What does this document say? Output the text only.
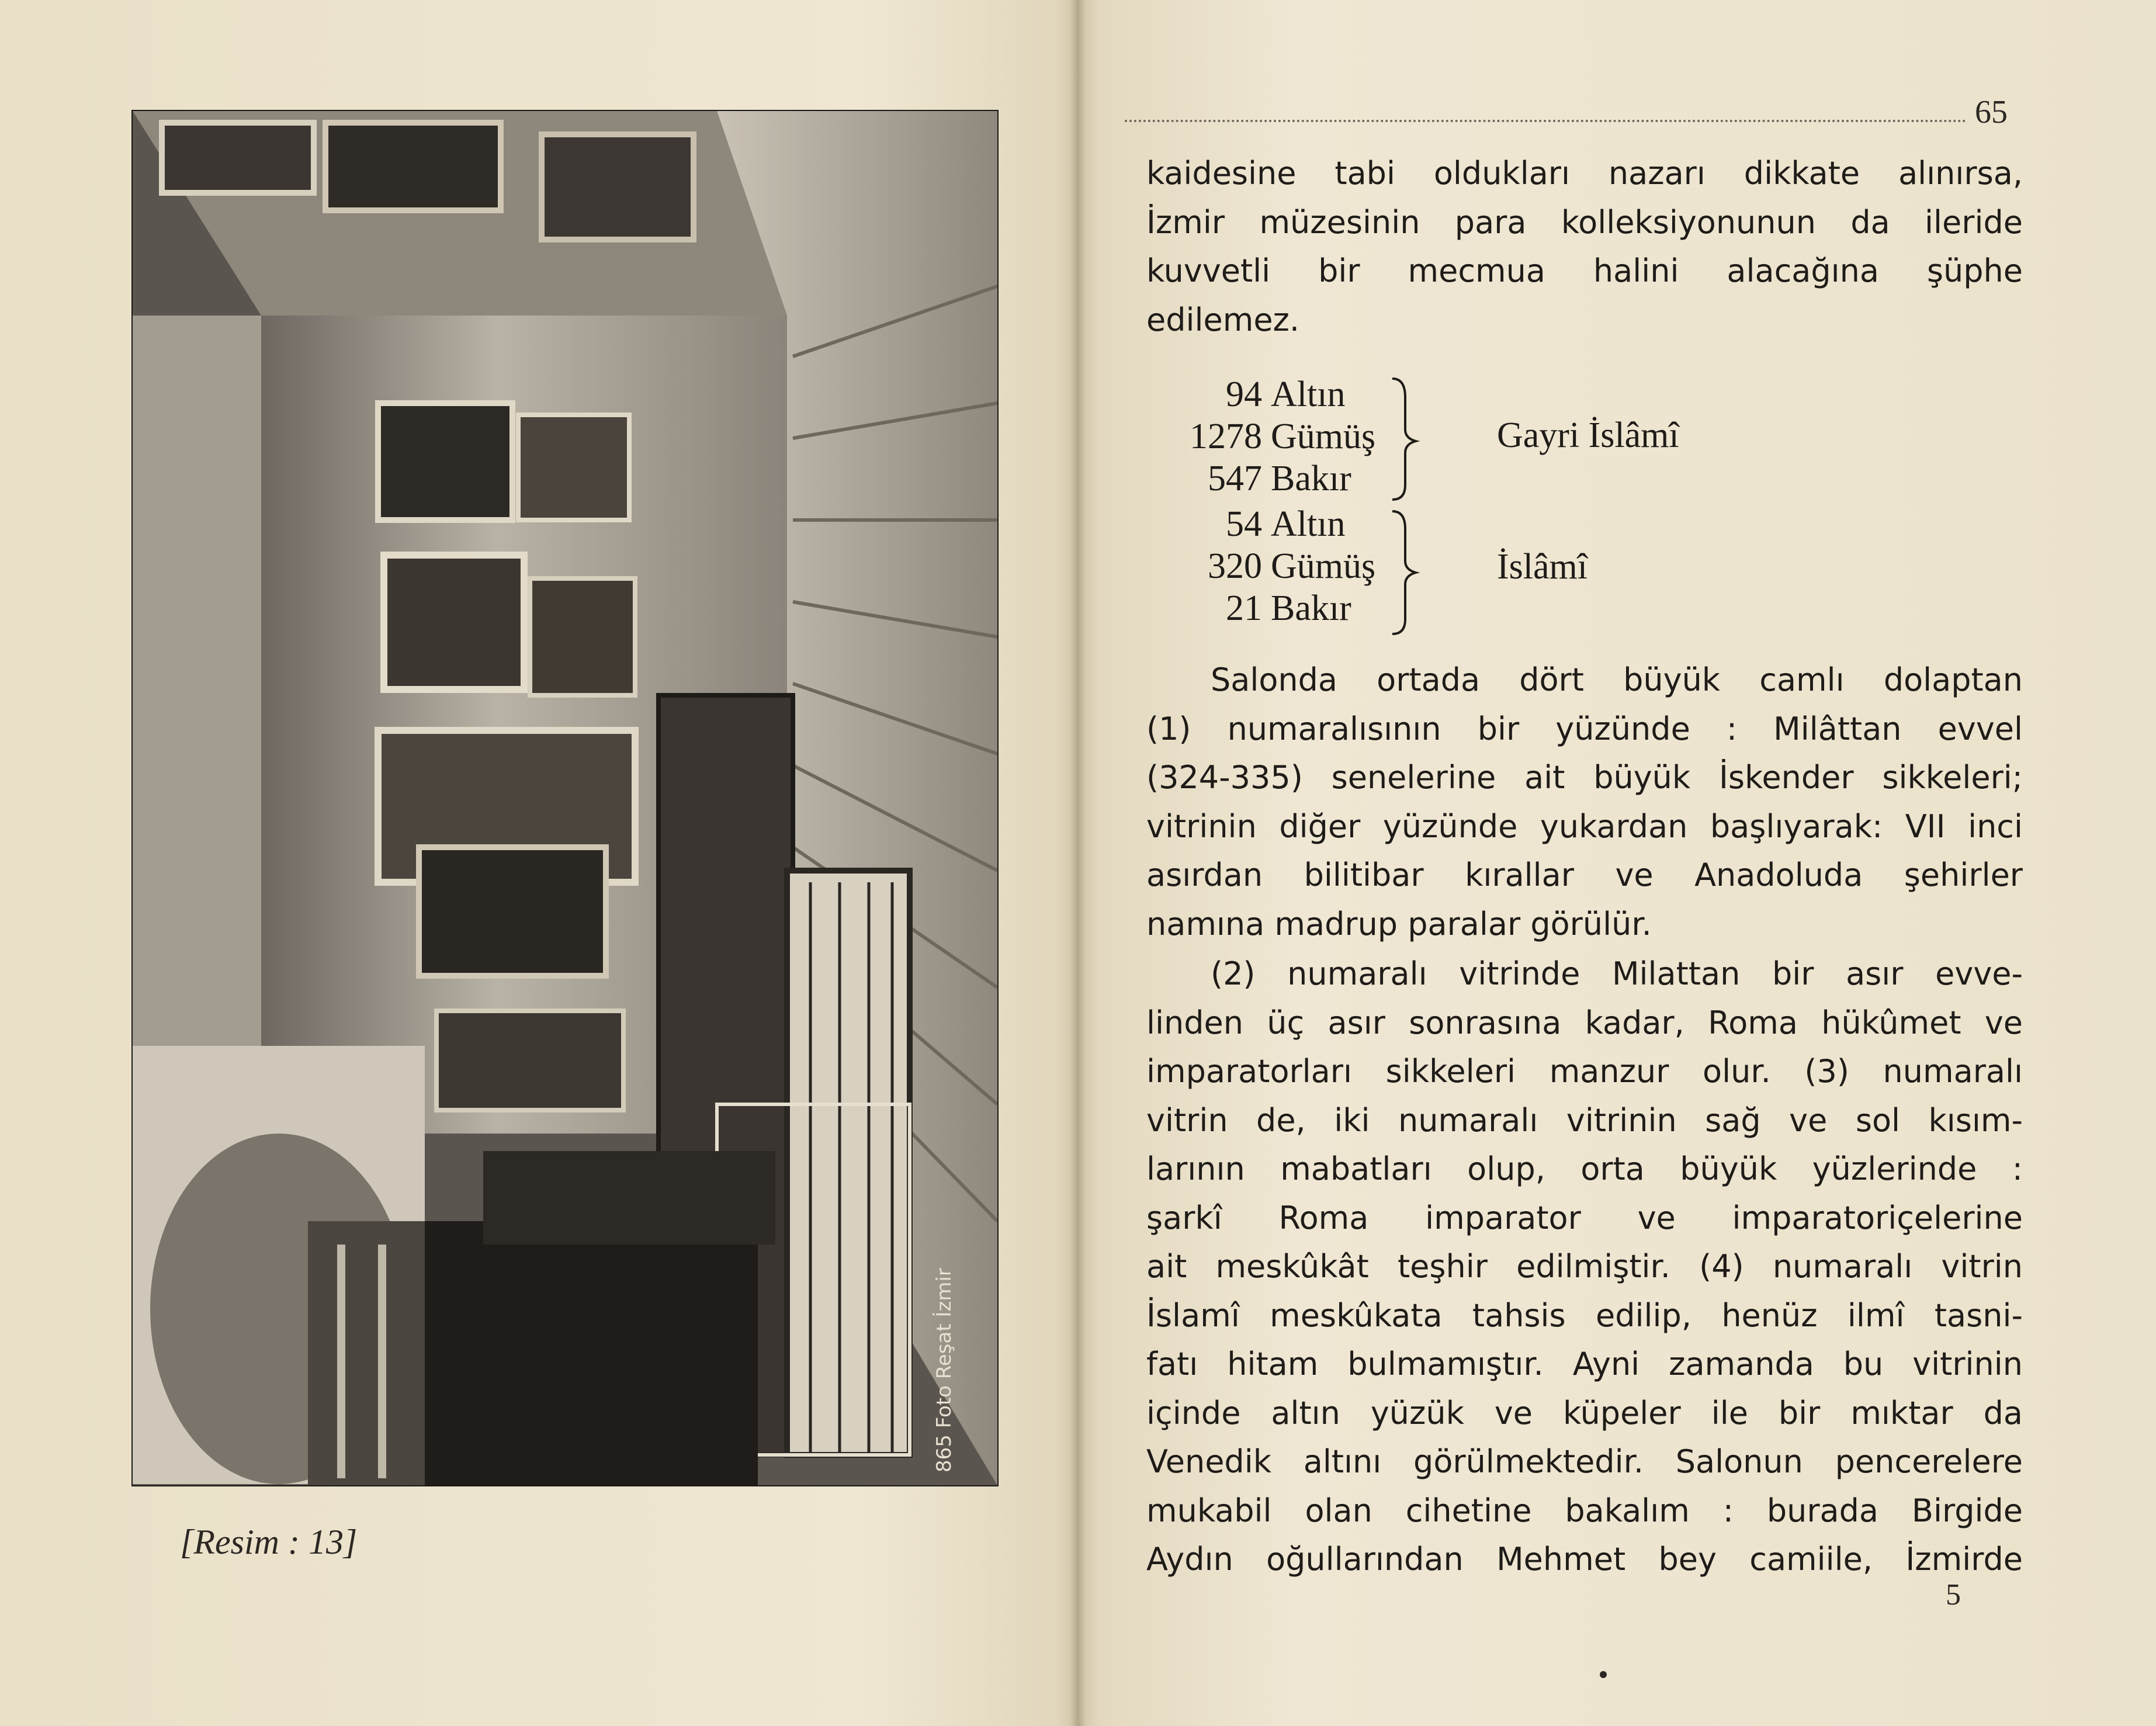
865 Foto Reşat İzmir
[Resim : 13]
65
kaidesine tabi oldukları nazarı dikkate alınırsa,
İzmir müzesinin para kolleksiyonunun da ileride
kuvvetli bir mecmua halini alacağına şüphe
edilemez.
94 Altın
1278 Gümüş
547 Bakır
54 Altın
320 Gümüş
21 Bakır
Gayri İslâmî
İslâmî
Salonda ortada dört büyük camlı dolaptan
(1) numaralısının bir yüzünde : Milâttan evvel
(324-335) senelerine ait büyük İskender sikkeleri;
vitrinin diğer yüzünde yukardan başlıyarak: VII inci
asırdan bilitibar kırallar ve Anadoluda şehirler
namına madrup paralar görülür.
(2) numaralı vitrinde Milattan bir asır evve-
linden üç asır sonrasına kadar, Roma hükûmet ve
imparatorları sikkeleri manzur olur. (3) numaralı
vitrin de, iki numaralı vitrinin sağ ve sol kısım-
larının mabatları olup, orta büyük yüzlerinde :
şarkî Roma imparator ve imparatoriçelerine
ait meskûkât teşhir edilmiştir. (4) numaralı vitrin
İslamî meskûkata tahsis edilip, henüz ilmî tasni-
fatı hitam bulmamıştır. Ayni zamanda bu vitrinin
içinde altın yüzük ve küpeler ile bir mıktar da
Venedik altını görülmektedir. Salonun pencerelere
mukabil olan cihetine bakalım : burada Birgide
Aydın oğullarından Mehmet bey camiile, İzmirde
5
